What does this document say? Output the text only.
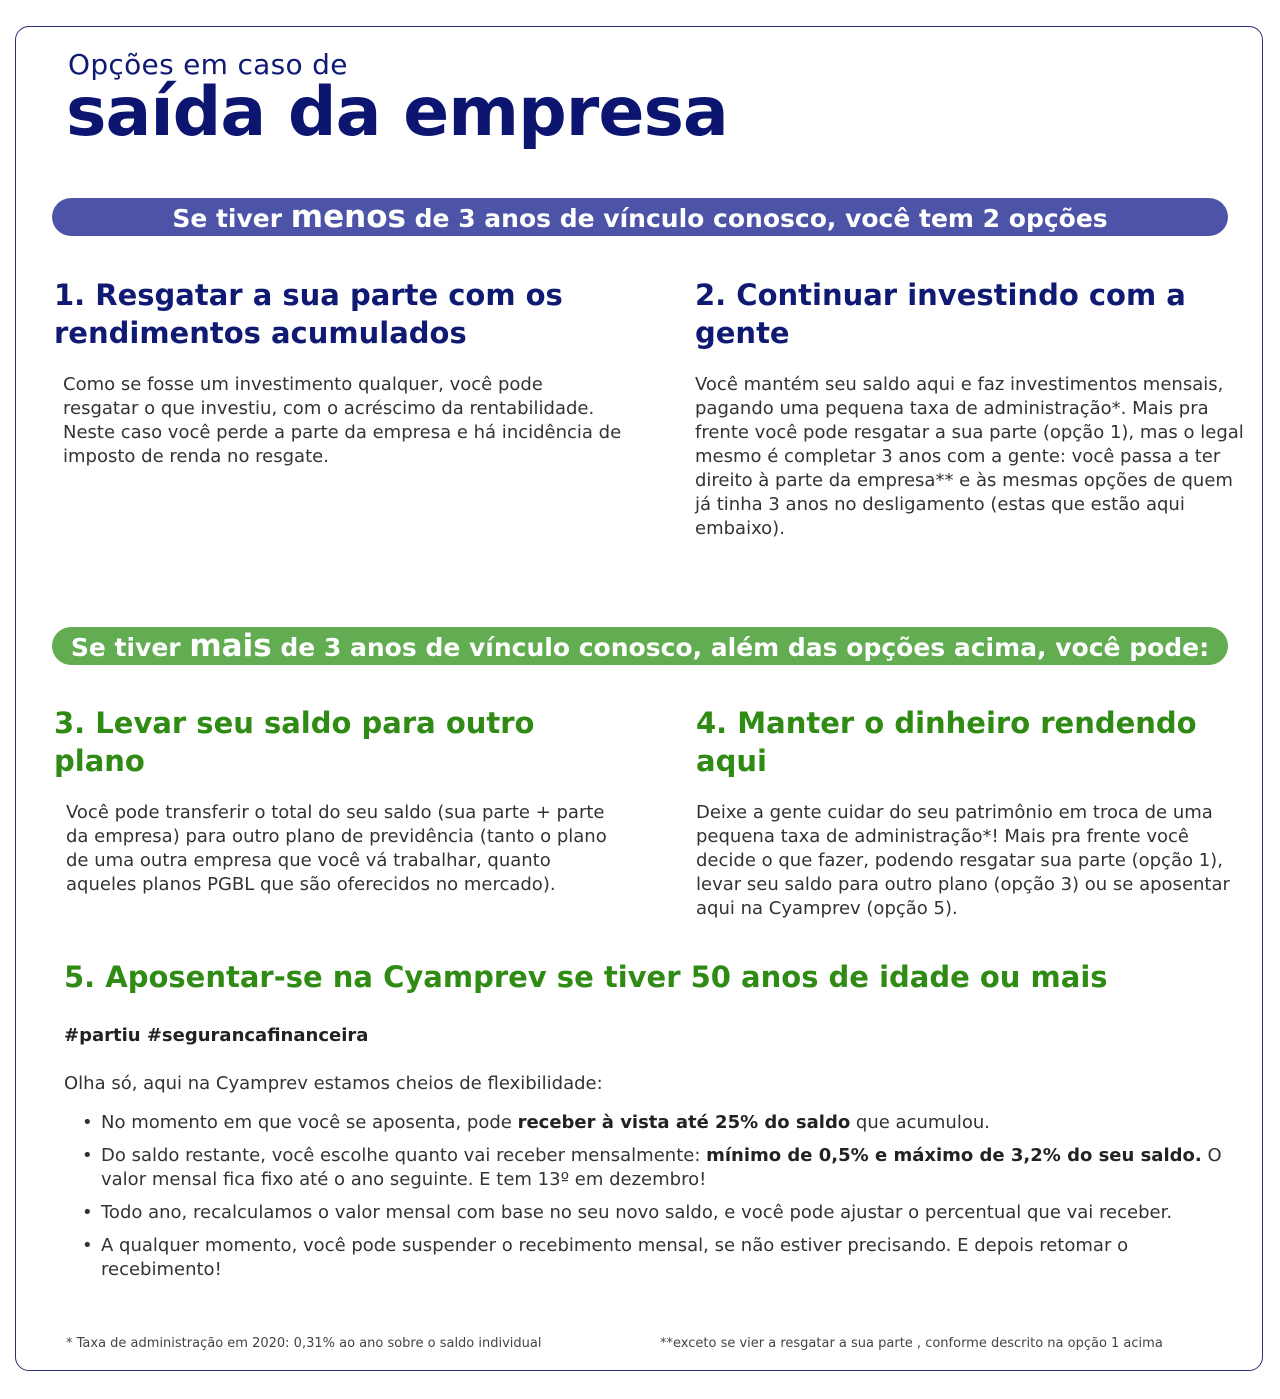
Opções em caso de
saída da empresa
Se tiver menos de 3 anos de vínculo conosco, você tem 2 opções
1. Resgatar a sua parte com os rendimentos acumulados
Como se fosse um investimento qualquer, você pode resgatar o que investiu, com o acréscimo da rentabilidade. Neste caso você perde a parte da empresa e há incidência de imposto de renda no resgate.
2. Continuar investindo com a gente
Você mantém seu saldo aqui e faz investimentos mensais, pagando uma pequena taxa de administração*. Mais pra frente você pode resgatar a sua parte (opção 1), mas o legal mesmo é completar 3 anos com a gente: você passa a ter direito à parte da empresa** e às mesmas opções de quem já tinha 3 anos no desligamento (estas que estão aqui embaixo).
Se tiver mais de 3 anos de vínculo conosco, além das opções acima, você pode:
3. Levar seu saldo para outro plano
Você pode transferir o total do seu saldo (sua parte + parte da empresa) para outro plano de previdência (tanto o plano de uma outra empresa que você vá trabalhar, quanto aqueles planos PGBL que são oferecidos no mercado).
4. Manter o dinheiro rendendo aqui
Deixe a gente cuidar do seu patrimônio em troca de uma pequena taxa de administração*! Mais pra frente você decide o que fazer, podendo resgatar sua parte (opção 1), levar seu saldo para outro plano (opção 3) ou se aposentar aqui na Cyamprev (opção 5).
5. Aposentar-se na Cyamprev se tiver 50 anos de idade ou mais
#partiu #segurancafinanceira
Olha só, aqui na Cyamprev estamos cheios de flexibilidade:
• No momento em que você se aposenta, pode receber à vista até 25% do saldo que acumulou.
• Do saldo restante, você escolhe quanto vai receber mensalmente: mínimo de 0,5% e máximo de 3,2% do seu saldo. O valor mensal fica fixo até o ano seguinte. E tem 13º em dezembro!
• Todo ano, recalculamos o valor mensal com base no seu novo saldo, e você pode ajustar o percentual que vai receber.
• A qualquer momento, você pode suspender o recebimento mensal, se não estiver precisando. E depois retomar o recebimento!
* Taxa de administração em 2020: 0,31% ao ano sobre o saldo individual	**exceto se vier a resgatar a sua parte , conforme descrito na opção 1 acima
